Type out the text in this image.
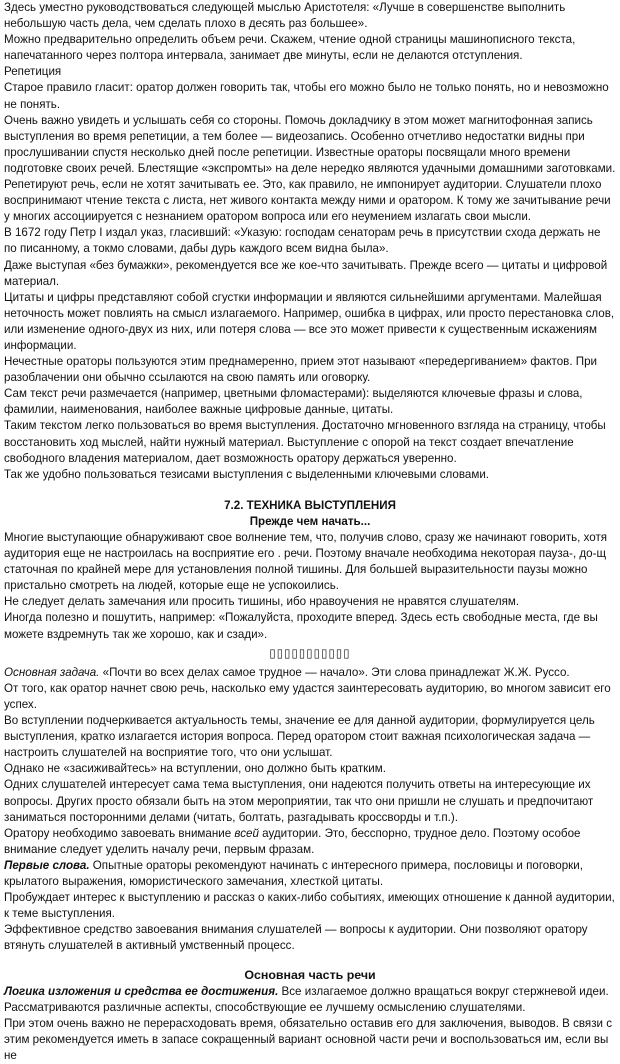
Здесь уместно руководствоваться следующей мыслью Аристотеля: «Лучше в совершенстве выполнить небольшую часть дела, чем сделать плохо в десять раз большее».

Можно предварительно определить объем речи. Скажем, чтение одной страницы машинописного текста, напечатанного через полтора интервала, занимает две минуты, если не делаются отступления.

Репетиция

Старое правило гласит: оратор должен говорить так, чтобы его можно было не только понять, но и невозможно не понять.

Очень важно увидеть и услышать себя со стороны. Помочь докладчику в этом может магнитофонная запись выступления во время репетиции, а тем более — видеозапись. Особенно отчетливо недостатки видны при прослушивании спустя несколько дней после репетиции. Известные ораторы посвящали много времени подготовке своих речей. Блестящие «экспромты» на деле нередко являются удачными домашними заготовками.

Репетируют речь, если не хотят зачитывать ее. Это, как правило, не импонирует аудитории. Слушатели плохо воспринимают чтение текста с листа, нет живого контакта между ними и оратором. К тому же зачитывание речи у многих ассоциируется с незнанием оратором вопроса или его неумением излагать свои мысли.

В 1672 году Петр I издал указ, гласивший: «Указую: господам сенаторам речь в присутствии схода держать не по писанному, а токмо словами, дабы дурь каждого всем видна была».

Даже выступая «без бумажки», рекомендуется все же кое-что зачитывать. Прежде всего — цитаты и цифровой материал.

Цитаты и цифры представляют собой сгустки информации и являются сильнейшими аргументами. Малейшая неточность может повлиять на смысл излагаемого. Например, ошибка в цифрах, или просто перестановка слов, или изменение одного-двух из них, или потеря слова — все это может привести к существенным искажениям информации.

Нечестные ораторы пользуются этим преднамеренно, прием этот называют «передергиванием» фактов. При разоблачении они обычно ссылаются на свою память или оговорку.

Сам текст речи размечается (например, цветными фломастерами): выделяются ключевые фразы и слова, фамилии, наименования, наиболее важные цифровые данные, цитаты.

Таким текстом легко пользоваться во время выступления. Достаточно мгновенного взгляда на страницу, чтобы восстановить ход мыслей, найти нужный материал. Выступление с опорой на текст создает впечатление свободного владения материалом, дает возможность оратору держаться уверенно.

Так же удобно пользоваться тезисами выступления с выделенными ключевыми словами.

7.2. ТЕХНИКА ВЫСТУПЛЕНИЯ

Прежде чем начать...

Многие выступающие обнаруживают свое волнение тем, что, получив слово, сразу же начинают говорить, хотя аудитория еще не настроилась на восприятие его . речи. Поэтому вначале необходима некоторая пауза-, до-щ статочная по крайней мере для установления полной тишины. Для большей выразительности паузы можно пристально смотреть на людей, которые еще не успокоились.

Не следует делать замечания или просить тишины, ибо нравоучения не нравятся слушателям.

Иногда полезно и пошутить, например: «Пожалуйста, проходите вперед. Здесь есть свободные места, где вы можете вздремнуть так же хорошо, как и сзади».

▯▯▯▯▯▯▯▯▯▯▯

Основная задача. «Почти во всех делах самое трудное — начало». Эти слова принадлежат Ж.Ж. Руссо.

От того, как оратор начнет свою речь, насколько ему удастся заинтересовать аудиторию, во многом зависит его успех.

Во вступлении подчеркивается актуальность темы, значение ее для данной аудитории, формулируется цель выступления, кратко излагается история вопроса. Перед оратором стоит важная психологическая задача — настроить слушателей на восприятие того, что они услышат.

Однако не «засиживайтесь» на вступлении, оно должно быть кратким.

Одних слушателей интересует сама тема выступления, они надеются получить ответы на интересующие их вопросы. Других просто обязали быть на этом мероприятии, так что они пришли не слушать и предпочитают заниматься посторонними делами (читать, болтать, разгадывать кроссворды и т.п.).

Оратору необходимо завоевать внимание всей аудитории. Это, бесспорно, трудное дело. Поэтому особое внимание следует уделить началу речи, первым фразам.

Первые слова. Опытные ораторы рекомендуют начинать с интересного примера, пословицы и поговорки, крылатого выражения, юмористического замечания, хлесткой цитаты.

Пробуждает интерес к выступлению и рассказ о каких-либо событиях, имеющих отношение к данной аудитории, к теме выступления.

Эффективное средство завоевания внимания слушателей — вопросы к аудитории. Они позволяют оратору втянуть слушателей в активный умственный процесс.

Основная часть речи

Логика изложения и средства ее достижения. Все излагаемое должно вращаться вокруг стержневой идеи. Рассматриваются различные аспекты, способствующие ее лучшему осмыслению слушателями.

При этом очень важно не перерасходовать время, обязательно оставив его для заключения, выводов. В связи с этим рекомендуется иметь в запасе сокращенный вариант основной части речи и воспользоваться им, если вы не
